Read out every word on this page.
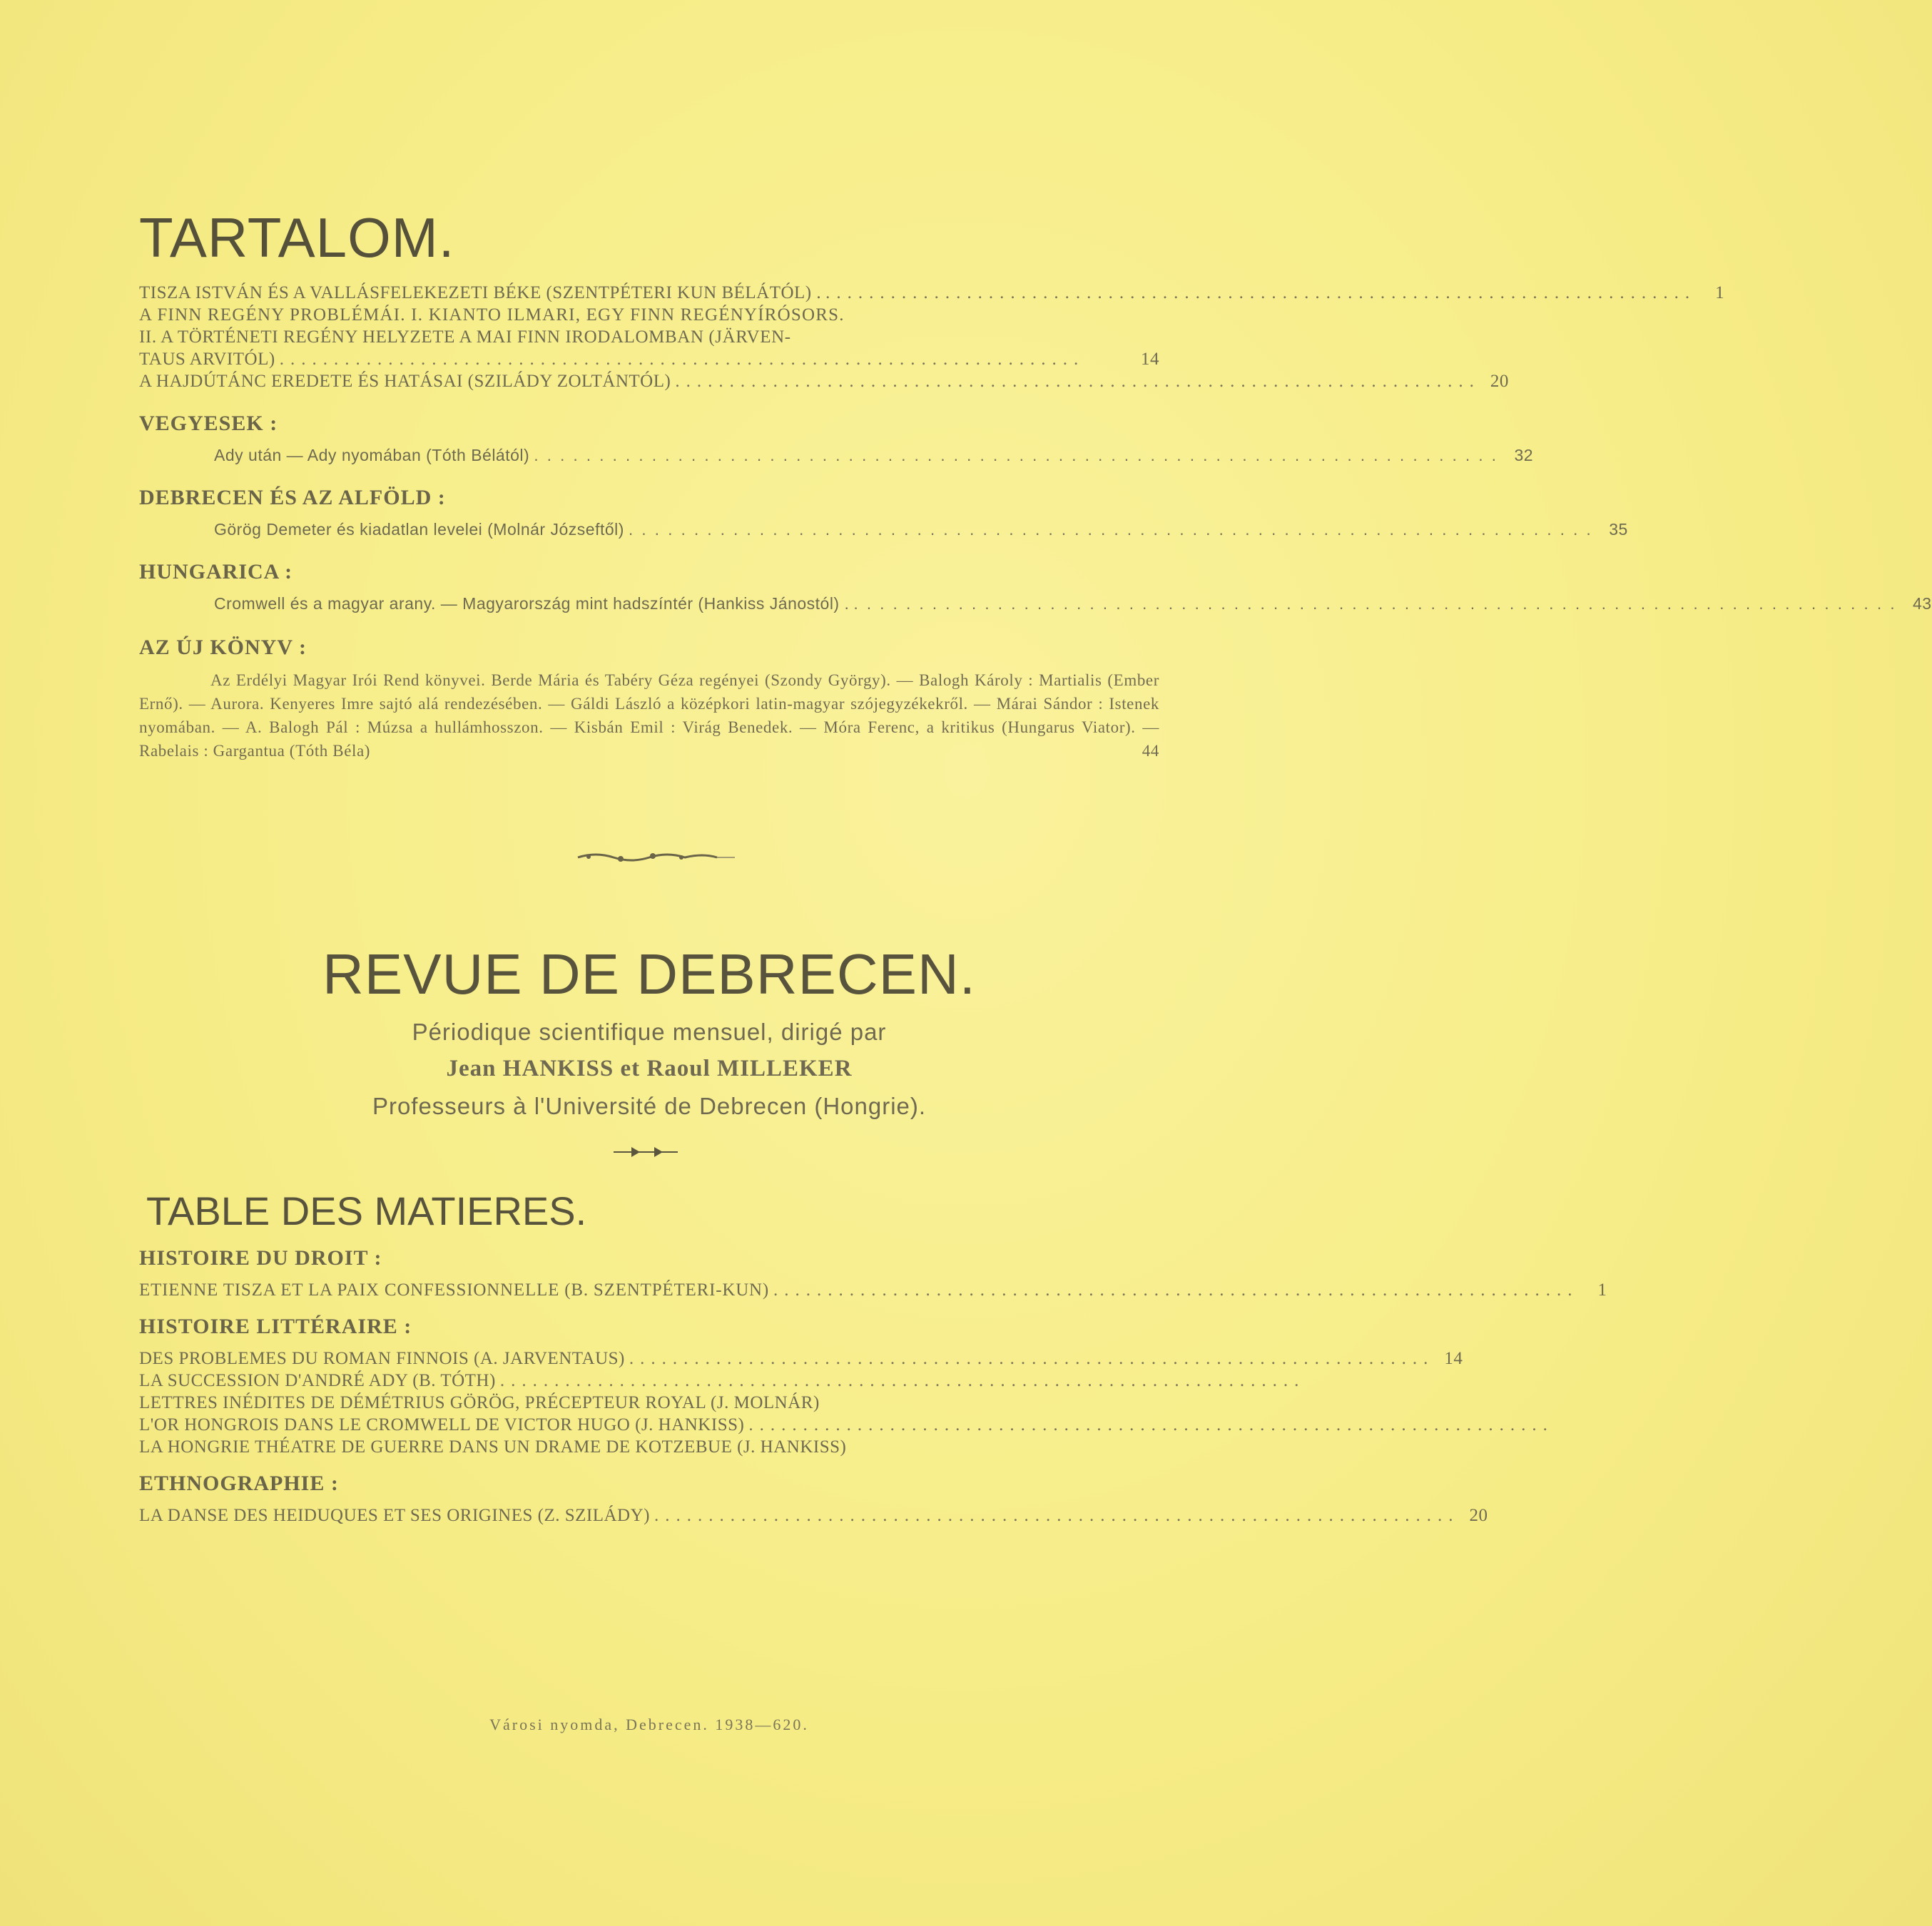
TARTALOM.
TISZA ISTVÁN ÉS A VALLÁSFELEKEZETI BÉKE (SZENTPÉTERI KUN BÉLÁTÓL) . ................................................................................	1
A FINN REGÉNY PROBLÉMÁI. I. KIANTO ILMARI, EGY FINN REGÉNYÍRÓSORS.
II. A TÖRTÉNETI REGÉNY HELYZETE A MAI FINN IRODALOMBAN (JÄRVEN-
TAUS ARVITÓL) ..........................................................................	14
A HAJDÚTÁNC EREDETE ÉS HATÁSAI (SZILÁDY ZOLTÁNTÓL) .......................................................................... 20
VEGYESEK :
Ady után — Ady nyomában (Tóth Bélától) .......................................................................... 32
DEBRECEN ÉS AZ ALFÖLD :
Görög Demeter és kiadatlan levelei (Molnár Józseftől) .......................................................................... 35
HUNGARICA :
Cromwell és a magyar arany. — Magyarország mint hadszíntér (Hankiss Jánostól) . ................................................................................ 43
AZ ÚJ KÖNYV :
Az Erdélyi Magyar Irói Rend könyvei. Berde Mária és Tabéry Géza regényei (Szondy György). — Balogh Károly : Martialis (Ember Ernő). — Aurora. Kenyeres Imre sajtó alá rendezésében. — Gáldi László a középkori latin-magyar szójegyzékekről. — Márai Sándor : Istenek nyomában. — A. Balogh Pál : Múzsa a hullámhosszon. — Kisbán Emil : Virág Benedek. — Móra Ferenc, a kritikus (Hungarus Viator). — Rabelais : Gargantua (Tóth Béla)	44
REVUE DE DEBRECEN.
Périodique scientifique mensuel, dirigé par
Jean HANKISS et Raoul MILLEKER
Professeurs à l'Université de Debrecen (Hongrie).
TABLE DES MATIERES.
HISTOIRE DU DROIT :
ETIENNE TISZA ET LA PAIX CONFESSIONNELLE (B. SZENTPÉTERI-KUN) ..........................................................................	1
HISTOIRE LITTÉRAIRE :
DES PROBLEMES DU ROMAN FINNOIS (A. JARVENTAUS) .......................................................................... 14
LA SUCCESSION D'ANDRÉ ADY (B. TÓTH) ..........................................................................
LETTRES INÉDITES DE DÉMÉTRIUS GÖRÖG, PRÉCEPTEUR ROYAL (J. MOLNÁR)
L'OR HONGROIS DANS LE CROMWELL DE VICTOR HUGO (J. HANKISS) ..........................................................................
LA HONGRIE THÉATRE DE GUERRE DANS UN DRAME DE KOTZEBUE (J. HANKISS)
ETHNOGRAPHIE :
LA DANSE DES HEIDUQUES ET SES ORIGINES (Z. SZILÁDY) .......................................................................... 20
Városi nyomda, Debrecen. 1938—620.
